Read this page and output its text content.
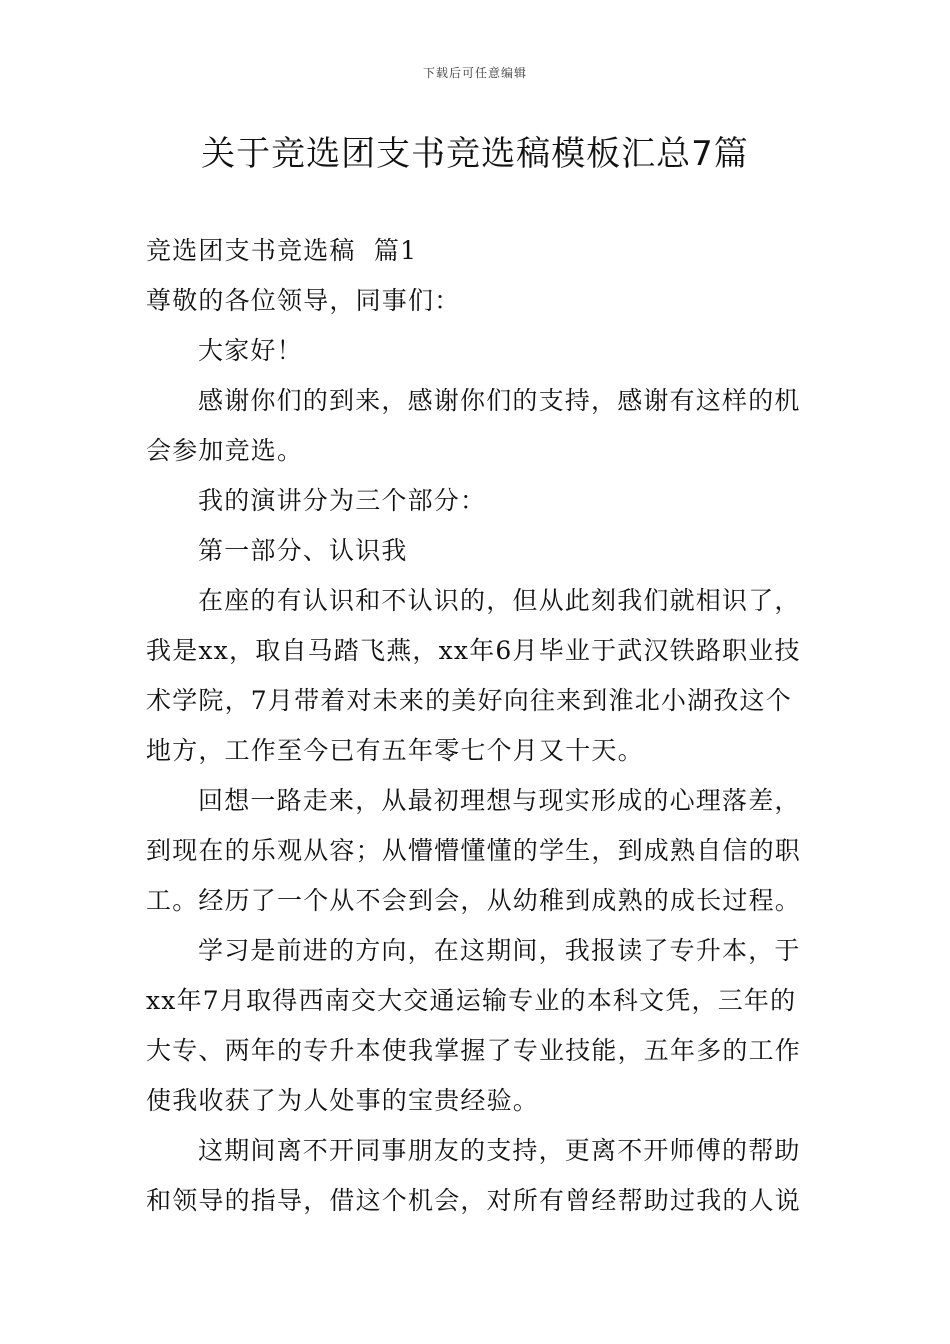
下载后可任意编辑
关于竞选团支书竞选稿模板汇总7篇

竞选团支书竞选稿  篇1

尊敬的各位领导，同事们：

大家好！

感谢你们的到来，感谢你们的支持，感谢有这样的机会参加竞选。

我的演讲分为三个部分：

第一部分、认识我

在座的有认识和不认识的，但从此刻我们就相识了，我是xx，取自马踏飞燕，xx年6月毕业于武汉铁路职业技术学院，7月带着对未来的美好向往来到淮北小湖孜这个地方，工作至今已有五年零七个月又十天。

回想一路走来，从最初理想与现实形成的心理落差，到现在的乐观从容；从懵懵懂懂的学生，到成熟自信的职工。经历了一个从不会到会，从幼稚到成熟的成长过程。

学习是前进的方向，在这期间，我报读了专升本，于xx年7月取得西南交大交通运输专业的本科文凭，三年的大专、两年的专升本使我掌握了专业技能，五年多的工作使我收获了为人处事的宝贵经验。

这期间离不开同事朋友的支持，更离不开师傅的帮助和领导的指导，借这个机会，对所有曾经帮助过我的人说
